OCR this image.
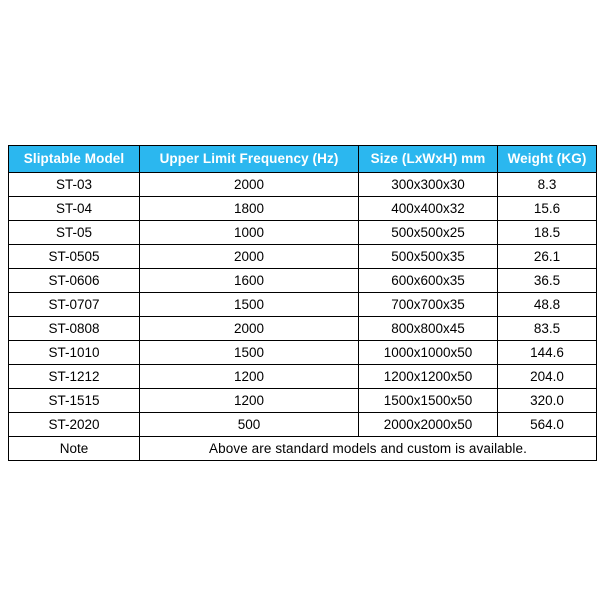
Sliptable Model	Upper Limit Frequency (Hz)	Size (LxWxH) mm	Weight (KG)
ST-03	2000	300x300x30	8.3
ST-04	1800	400x400x32	15.6
ST-05	1000	500x500x25	18.5
ST-0505	2000	500x500x35	26.1
ST-0606	1600	600x600x35	36.5
ST-0707	1500	700x700x35	48.8
ST-0808	2000	800x800x45	83.5
ST-1010	1500	1000x1000x50	144.6
ST-1212	1200	1200x1200x50	204.0
ST-1515	1200	1500x1500x50	320.0
ST-2020	500	2000x2000x50	564.0
Note	Above are standard models and custom is available.		
